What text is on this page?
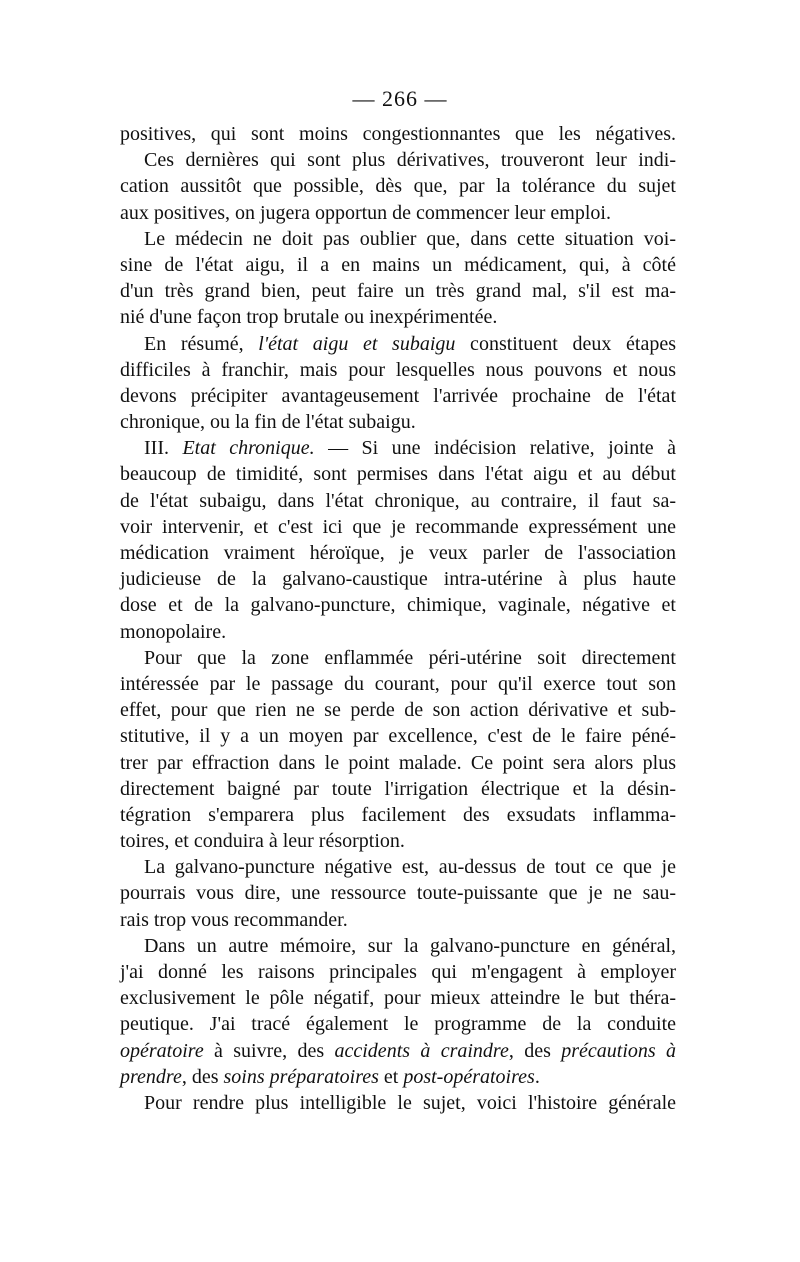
— 266 —
positives, qui sont moins congestionnantes que les négatives.
Ces dernières qui sont plus dérivatives, trouveront leur indi-
cation aussitôt que possible, dès que, par la tolérance du sujet
aux positives, on jugera opportun de commencer leur emploi.
Le médecin ne doit pas oublier que, dans cette situation voi-
sine de l'état aigu, il a en mains un médicament, qui, à côté
d'un très grand bien, peut faire un très grand mal, s'il est ma-
nié d'une façon trop brutale ou inexpérimentée.
En résumé, l'état aigu et subaigu constituent deux étapes
difficiles à franchir, mais pour lesquelles nous pouvons et nous
devons précipiter avantageusement l'arrivée prochaine de l'état
chronique, ou la fin de l'état subaigu.
III. Etat chronique. — Si une indécision relative, jointe à
beaucoup de timidité, sont permises dans l'état aigu et au début
de l'état subaigu, dans l'état chronique, au contraire, il faut sa-
voir intervenir, et c'est ici que je recommande expressément une
médication vraiment héroïque, je veux parler de l'association
judicieuse de la galvano-caustique intra-utérine à plus haute
dose et de la galvano-puncture, chimique, vaginale, négative et
monopolaire.
Pour que la zone enflammée péri-utérine soit directement
intéressée par le passage du courant, pour qu'il exerce tout son
effet, pour que rien ne se perde de son action dérivative et sub-
stitutive, il y a un moyen par excellence, c'est de le faire péné-
trer par effraction dans le point malade. Ce point sera alors plus
directement baigné par toute l'irrigation électrique et la désin-
tégration s'emparera plus facilement des exsudats inflamma-
toires, et conduira à leur résorption.
La galvano-puncture négative est, au-dessus de tout ce que je
pourrais vous dire, une ressource toute-puissante que je ne sau-
rais trop vous recommander.
Dans un autre mémoire, sur la galvano-puncture en général,
j'ai donné les raisons principales qui m'engagent à employer
exclusivement le pôle négatif, pour mieux atteindre le but théra-
peutique. J'ai tracé également le programme de la conduite
opératoire à suivre, des accidents à craindre, des précautions à
prendre, des soins préparatoires et post-opératoires.
Pour rendre plus intelligible le sujet, voici l'histoire générale
